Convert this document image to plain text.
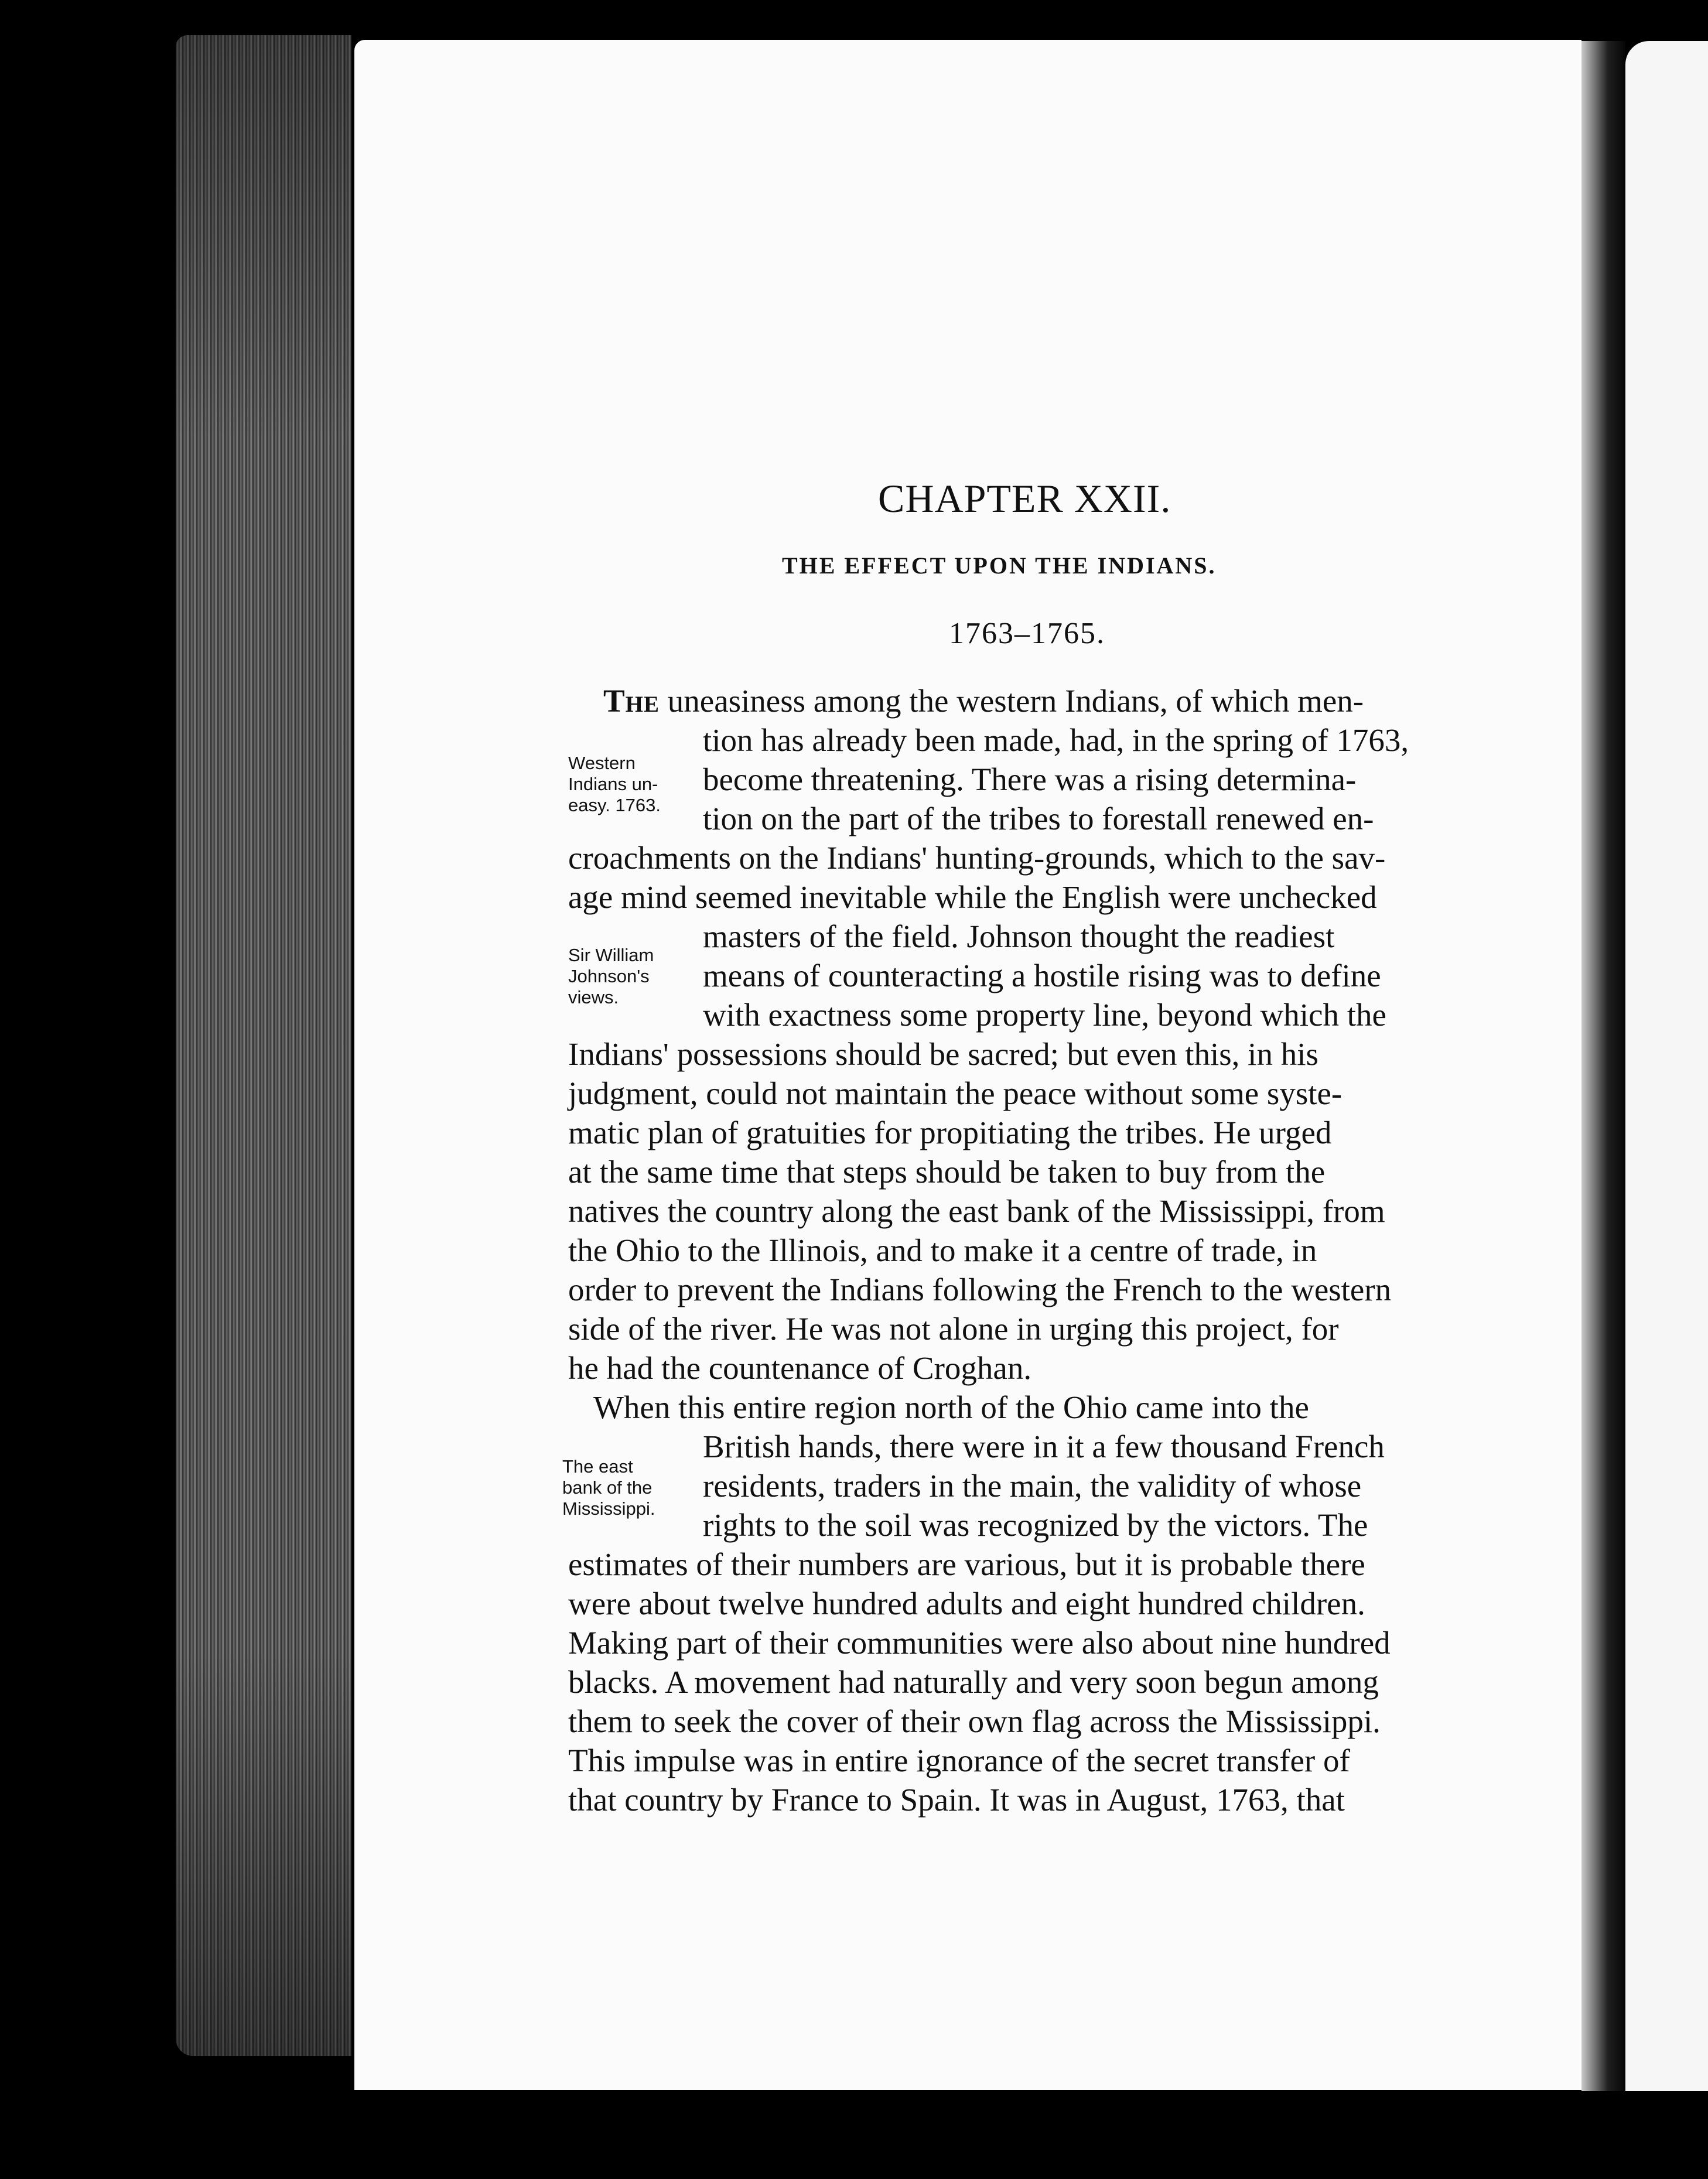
CHAPTER XXII.
THE EFFECT UPON THE INDIANS.
1763–1765.
Western
Indians un-
easy. 1763.
Sir William
Johnson's
views.
The east
bank of the
Mississippi.
The uneasiness among the western Indians, of which men-
tion has already been made, had, in the spring of 1763,
become threatening. There was a rising determina-
tion on the part of the tribes to forestall renewed en-
croachments on the Indians' hunting-grounds, which to the sav-
age mind seemed inevitable while the English were unchecked
masters of the field. Johnson thought the readiest
means of counteracting a hostile rising was to define
with exactness some property line, beyond which the
Indians' possessions should be sacred; but even this, in his
judgment, could not maintain the peace without some syste-
matic plan of gratuities for propitiating the tribes. He urged
at the same time that steps should be taken to buy from the
natives the country along the east bank of the Mississippi, from
the Ohio to the Illinois, and to make it a centre of trade, in
order to prevent the Indians following the French to the western
side of the river. He was not alone in urging this project, for
he had the countenance of Croghan.
When this entire region north of the Ohio came into the
British hands, there were in it a few thousand French
residents, traders in the main, the validity of whose
rights to the soil was recognized by the victors. The
estimates of their numbers are various, but it is probable there
were about twelve hundred adults and eight hundred children.
Making part of their communities were also about nine hundred
blacks. A movement had naturally and very soon begun among
them to seek the cover of their own flag across the Mississippi.
This impulse was in entire ignorance of the secret transfer of
that country by France to Spain. It was in August, 1763, that
